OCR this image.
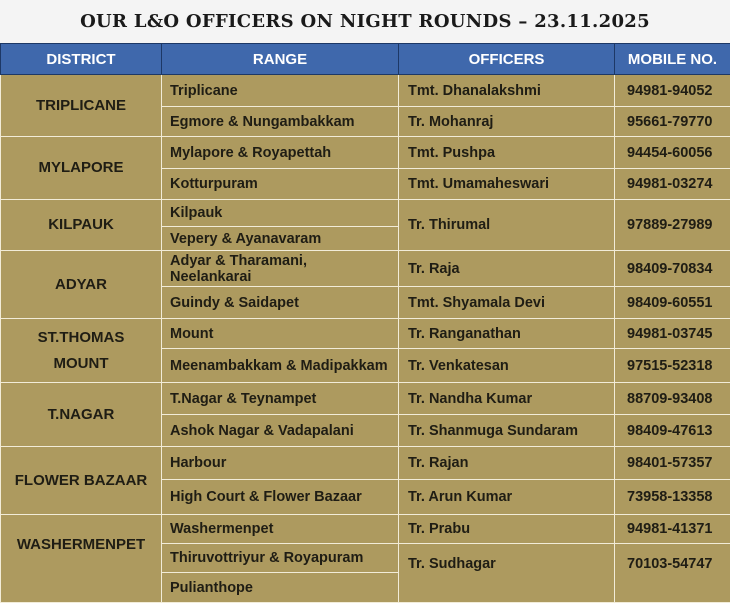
OUR L&O OFFICERS ON NIGHT ROUNDS – 23.11.2025
DISTRICT	RANGE	OFFICERS	MOBILE NO.
TRIPLICANE	Triplicane	Tmt. Dhanalakshmi	94981-94052
	Egmore & Nungambakkam	Tr. Mohanraj	95661-79770
MYLAPORE	Mylapore & Royapettah	Tmt. Pushpa	94454-60056
	Kotturpuram	Tmt. Umamaheswari	94981-03274
KILPAUK	Kilpauk	Tr. Thirumal	97889-27989
	Vepery & Ayanavaram		
ADYAR	Adyar & Tharamani, Neelankarai	Tr. Raja	98409-70834
	Guindy & Saidapet	Tmt. Shyamala Devi	98409-60551
ST.THOMAS MOUNT	Mount	Tr. Ranganathan	94981-03745
	Meenambakkam & Madipakkam	Tr. Venkatesan	97515-52318
T.NAGAR	T.Nagar & Teynampet	Tr. Nandha Kumar	88709-93408
	Ashok Nagar & Vadapalani	Tr. Shanmuga Sundaram	98409-47613
FLOWER BAZAAR	Harbour	Tr. Rajan	98401-57357
	High Court & Flower Bazaar	Tr. Arun Kumar	73958-13358
WASHERMENPET	Washermenpet	Tr. Prabu	94981-41371
	Thiruvottriyur & Royapuram	Tr. Sudhagar	70103-54747
	Pulianthope		
